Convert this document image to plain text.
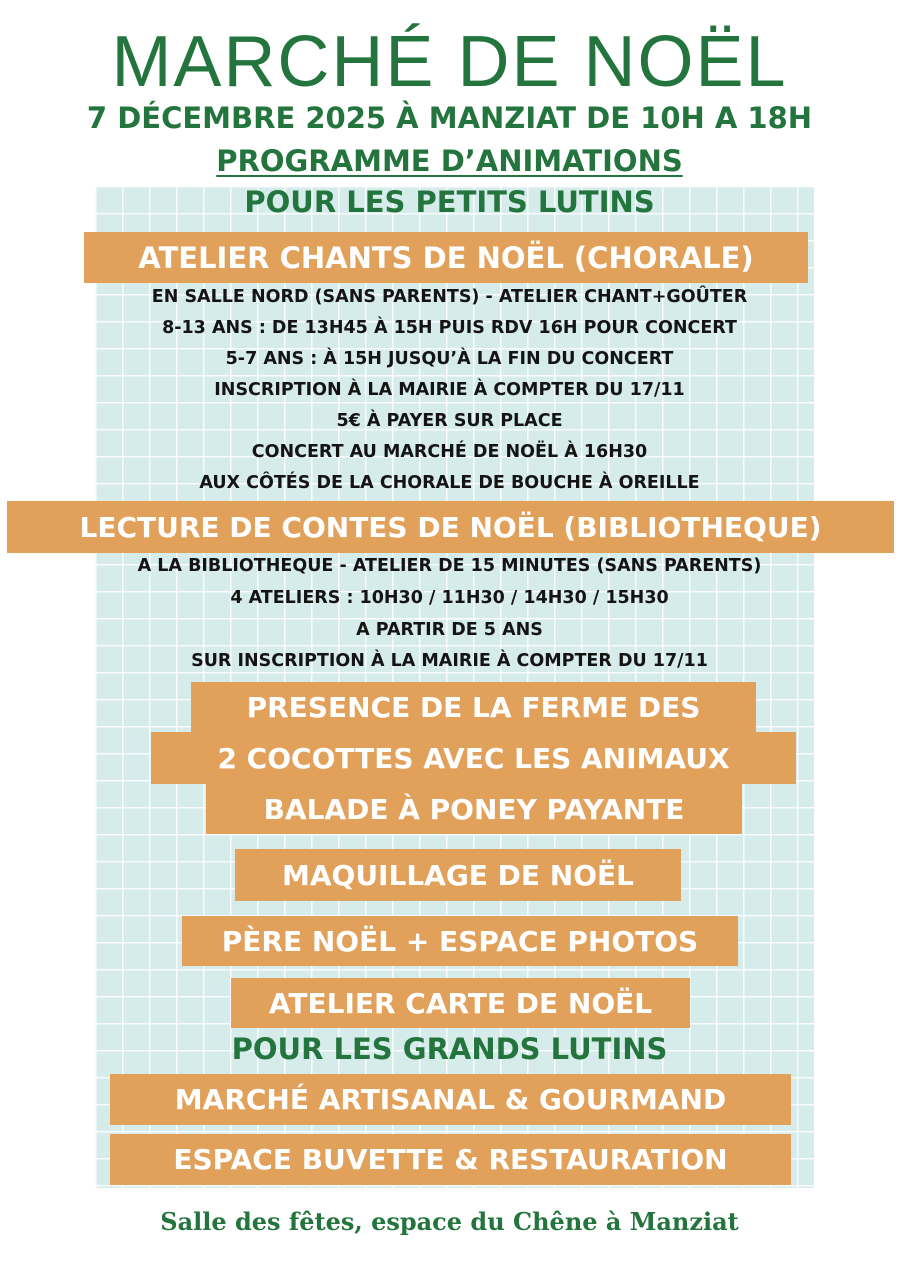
MARCHÉ DE NOËL
7 DÉCEMBRE 2025 À MANZIAT DE 10H A 18H
PROGRAMME D’ANIMATIONS
POUR LES PETITS LUTINS
ATELIER CHANTS DE NOËL (CHORALE)
EN SALLE NORD (SANS PARENTS) - ATELIER CHANT+GOÛTER
8-13 ANS : DE 13H45 À 15H PUIS RDV 16H POUR CONCERT
5-7 ANS : À 15H JUSQU’À LA FIN DU CONCERT
INSCRIPTION À LA MAIRIE À COMPTER DU 17/11
5€ À PAYER SUR PLACE
CONCERT AU MARCHÉ DE NOËL À 16H30
AUX CÔTÉS DE LA CHORALE DE BOUCHE À OREILLE
LECTURE DE CONTES DE NOËL (BIBLIOTHEQUE)
A LA BIBLIOTHEQUE - ATELIER DE 15 MINUTES (SANS PARENTS)
4 ATELIERS : 10H30 / 11H30 / 14H30 / 15H30
A PARTIR DE 5 ANS
SUR INSCRIPTION À LA MAIRIE À COMPTER DU 17/11
PRESENCE DE LA FERME DES
2 COCOTTES AVEC LES ANIMAUX
BALADE À PONEY PAYANTE
MAQUILLAGE DE NOËL
PÈRE NOËL + ESPACE PHOTOS
ATELIER CARTE DE NOËL
POUR LES GRANDS LUTINS
MARCHÉ ARTISANAL & GOURMAND
ESPACE BUVETTE & RESTAURATION
Salle des fêtes, espace du Chêne à Manziat
